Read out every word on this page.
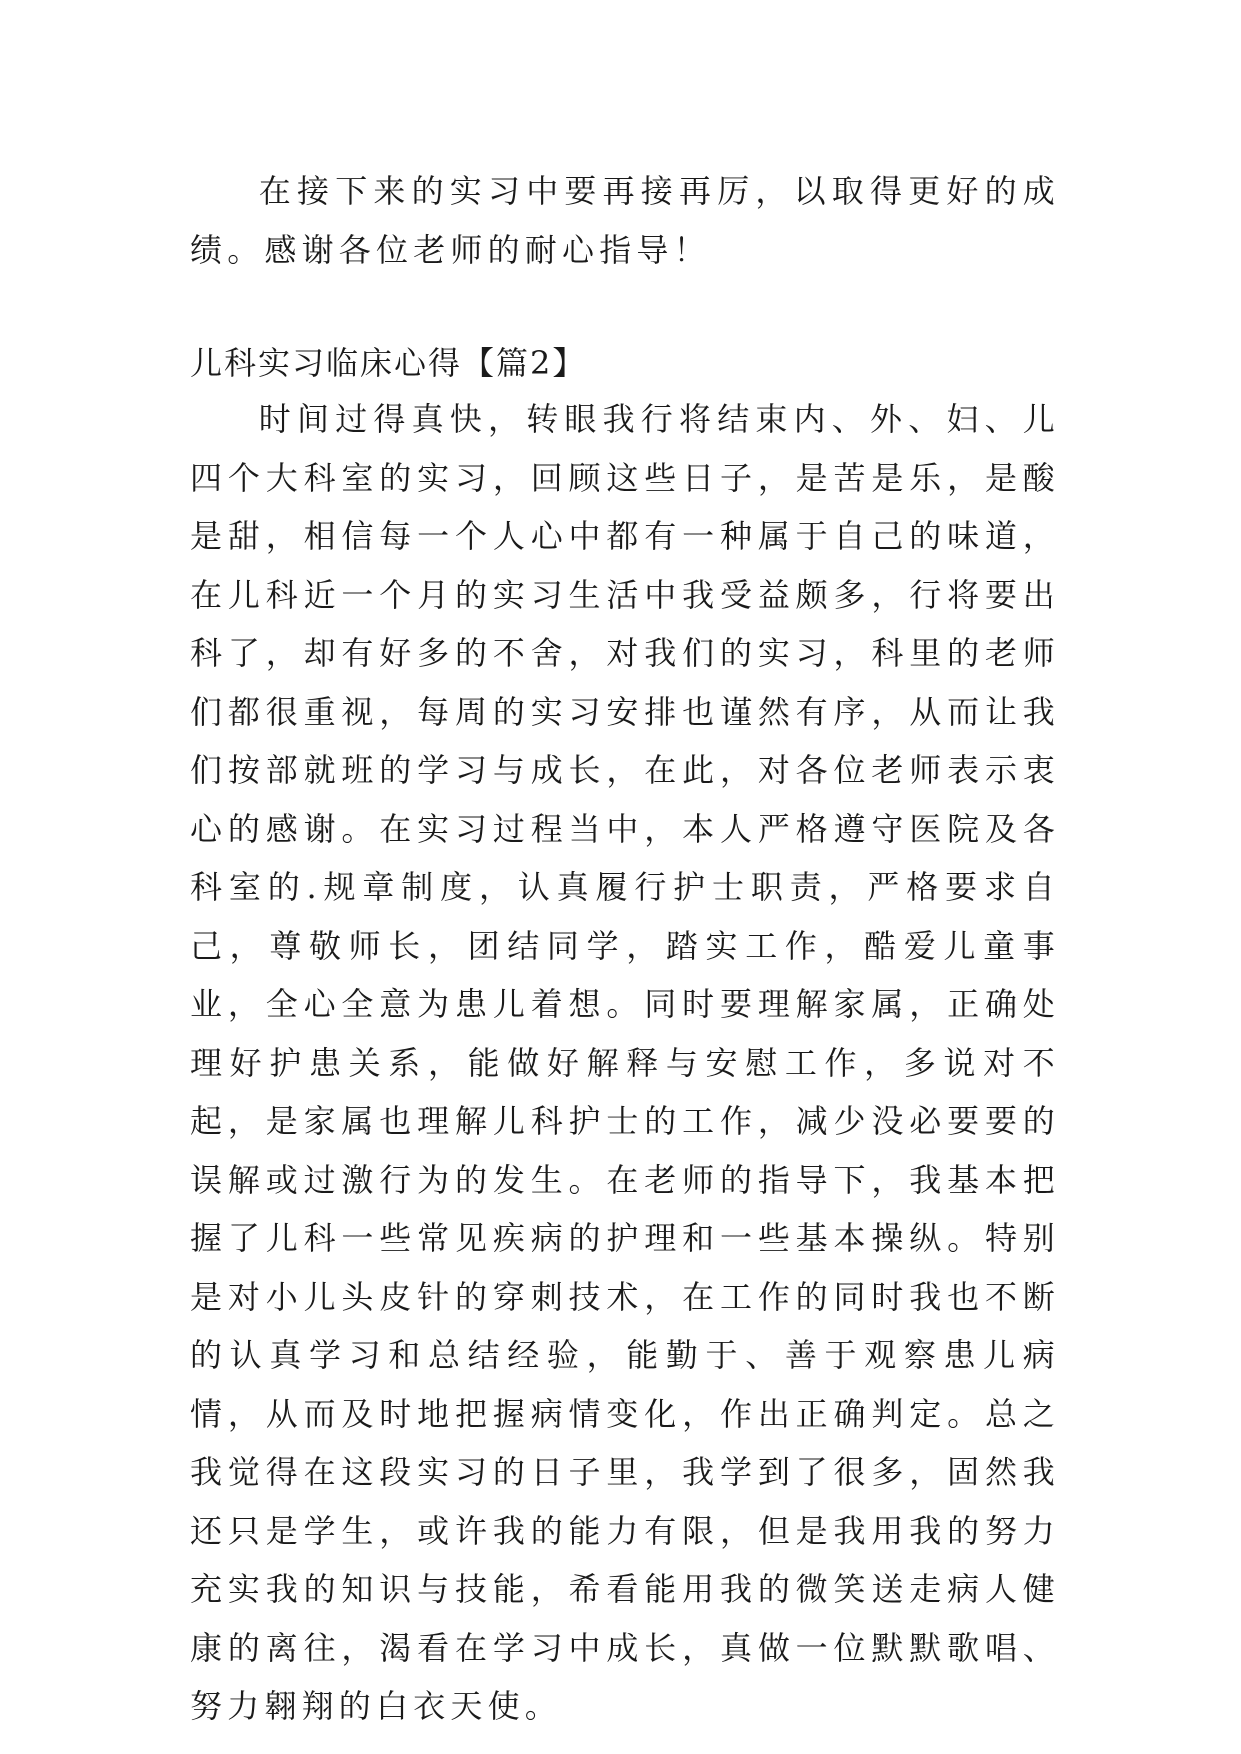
在接下来的实习中要再接再厉，以取得更好的成绩。感谢各位老师的耐心指导！

儿科实习临床心得【篇2】

时间过得真快，转眼我行将结束内、外、妇、儿四个大科室的实习，回顾这些日子，是苦是乐，是酸是甜，相信每一个人心中都有一种属于自己的味道，在儿科近一个月的实习生活中我受益颇多，行将要出科了，却有好多的不舍，对我们的实习，科里的老师们都很重视，每周的实习安排也谨然有序，从而让我们按部就班的学习与成长，在此，对各位老师表示衷心的感谢。在实习过程当中，本人严格遵守医院及各科室的.规章制度，认真履行护士职责，严格要求自己，尊敬师长，团结同学，踏实工作，酷爱儿童事业，全心全意为患儿着想。同时要理解家属，正确处理好护患关系，能做好解释与安慰工作，多说对不起，是家属也理解儿科护士的工作，减少没必要要的误解或过激行为的发生。在老师的指导下，我基本把握了儿科一些常见疾病的护理和一些基本操纵。特别是对小儿头皮针的穿刺技术，在工作的同时我也不断的认真学习和总结经验，能勤于、善于观察患儿病情，从而及时地把握病情变化，作出正确判定。总之我觉得在这段实习的日子里，我学到了很多，固然我还只是学生，或许我的能力有限，但是我用我的努力充实我的知识与技能，希看能用我的微笑送走病人健康的离往，渴看在学习中成长，真做一位默默歌唱、努力翱翔的白衣天使。
